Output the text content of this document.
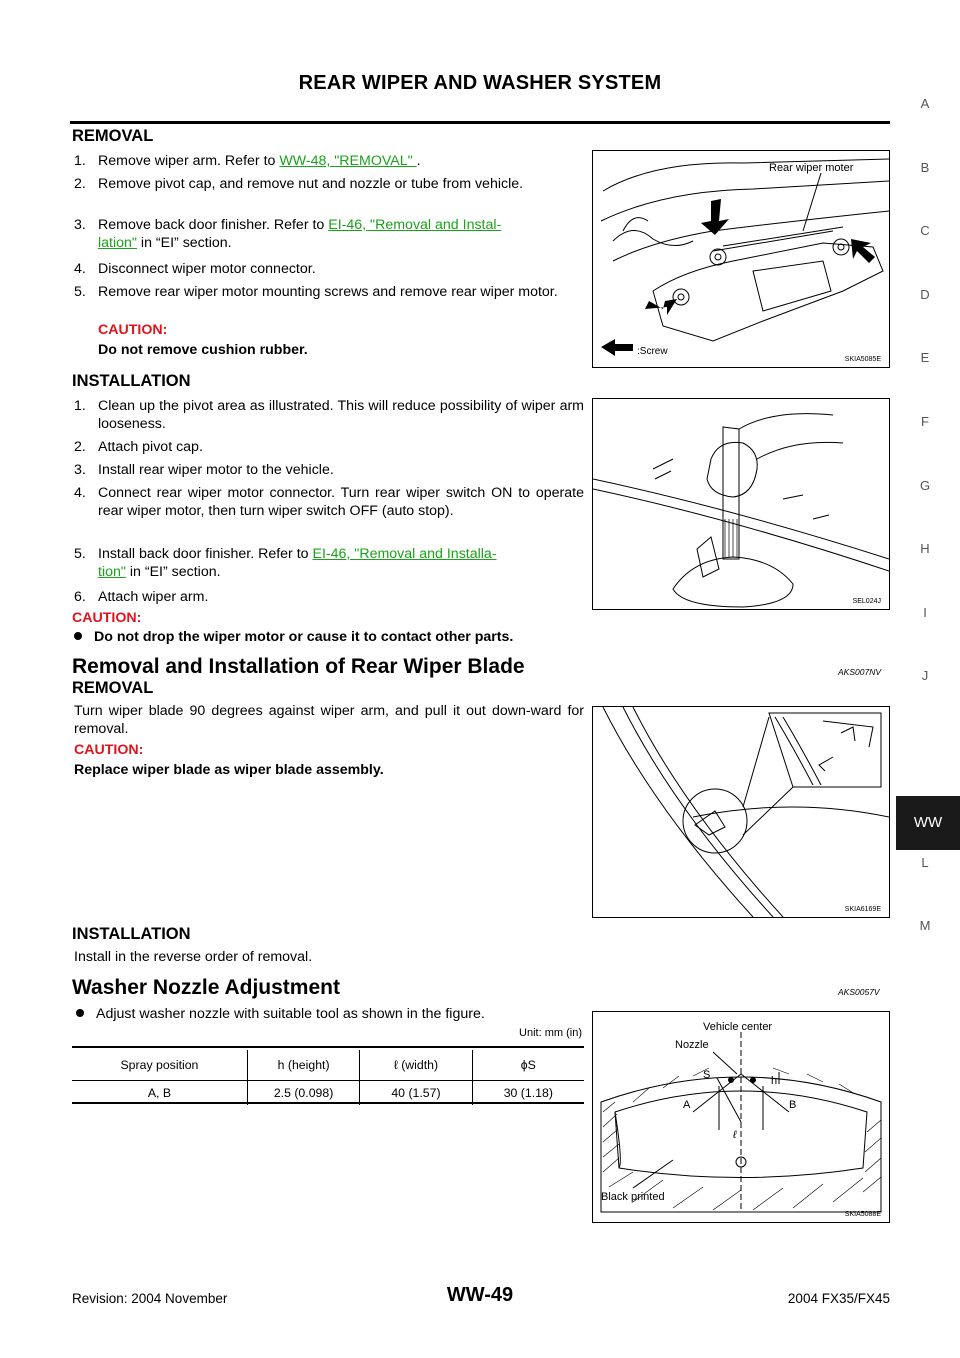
REAR WIPER AND WASHER SYSTEM
REMOVAL
1. Remove wiper arm. Refer to WW-48, "REMOVAL" .
2. Remove pivot cap, and remove nut and nozzle or tube from vehicle.
3. Remove back door finisher. Refer to EI-46, "Removal and Instal-
lation" in “EI” section.
4. Disconnect wiper motor connector.
5. Remove rear wiper motor mounting screws and remove rear wiper motor.
CAUTION:
Do not remove cushion rubber.
Rear wiper moter
:Screw
SKIA5085E
INSTALLATION
1. Clean up the pivot area as illustrated. This will reduce possibility of wiper arm looseness.
2. Attach pivot cap.
3. Install rear wiper motor to the vehicle.
4. Connect rear wiper motor connector. Turn rear wiper switch ON to operate rear wiper motor, then turn wiper switch OFF (auto stop).
5. Install back door finisher. Refer to EI-46, "Removal and Installa-
tion" in “EI” section.
6. Attach wiper arm.
CAUTION:
Do not drop the wiper motor or cause it to contact other parts.
SEL024J
Removal and Installation of Rear Wiper Blade	AKS007NV
REMOVAL
Turn wiper blade 90 degrees against wiper arm, and pull it out down-ward for removal.
CAUTION:
Replace wiper blade as wiper blade assembly.
SKIA6169E
INSTALLATION
Install in the reverse order of removal.
Washer Nozzle Adjustment	AKS0057V
Adjust washer nozzle with suitable tool as shown in the figure.
Unit: mm (in)
Spray position	h (height)	ℓ (width)	ϕS
A, B	2.5 (0.098)	40 (1.57)	30 (1.18)
Vehicle center
Nozzle
S	h
A	B
ℓ
Black printed
SKIA5088E
A
B
C
D
E
F
G
H
I
J
WW
L
M
WW-49
Revision: 2004 November	2004 FX35/FX45
